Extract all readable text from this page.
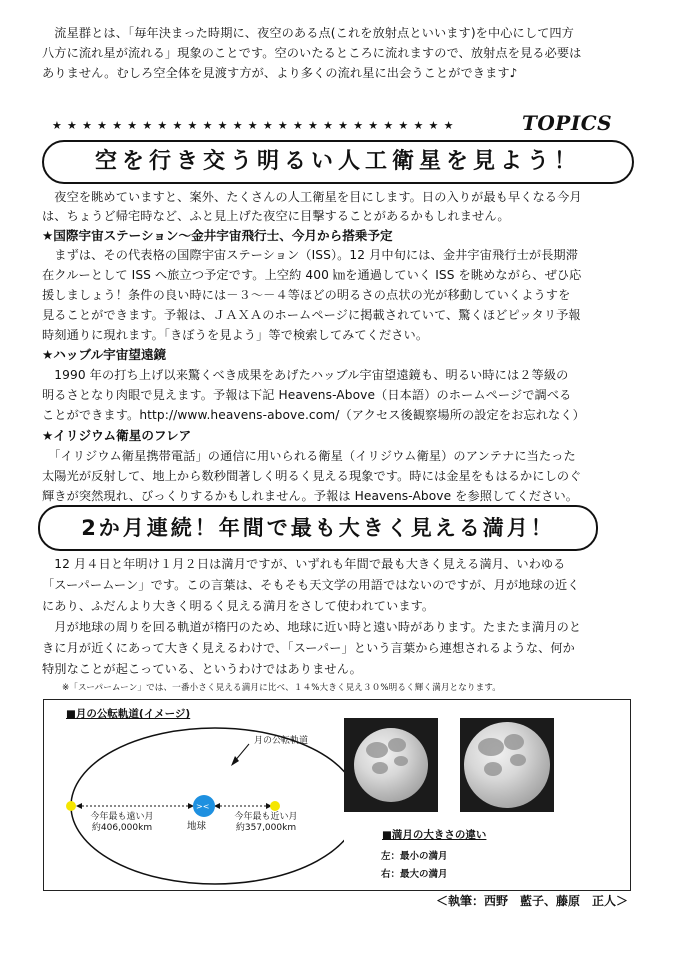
　流星群とは、「毎年決まった時期に、夜空のある点(これを放射点といいます)を中心にして四方
八方に流れ星が流れる」現象のことです。空のいたるところに流れますので、放射点を見る必要は
ありません。むしろ空全体を見渡す方が、より多くの流れ星に出会うことができます♪
★★★★★★★★★★★★★★★★★★★★★★★★★★★	TOPICS
空を行き交う明るい人工衛星を見よう！
　夜空を眺めていますと、案外、たくさんの人工衛星を目にします。日の入りが最も早くなる今月
は、ちょうど帰宅時など、ふと見上げた夜空に目撃することがあるかもしれません。
★国際宇宙ステーション～金井宇宙飛行士、今月から搭乗予定
　まずは、その代表格の国際宇宙ステーション（ISS）。12 月中旬には、金井宇宙飛行士が長期滞
在クルーとして ISS へ旅立つ予定です。上空約 400 ㎞を通過していく ISS を眺めながら、ぜひ応
援しましょう！条件の良い時には－３～－４等ほどの明るさの点状の光が移動していくようすを
見ることができます。予報は、ＪＡＸＡのホームページに掲載されていて、驚くほどピッタリ予報
時刻通りに現れます。「きぼうを見よう」等で検索してみてください。
★ハッブル宇宙望遠鏡
　1990 年の打ち上げ以来驚くべき成果をあげたハッブル宇宙望遠鏡も、明るい時には２等級の
明るさとなり肉眼で見えます。予報は下記 Heavens-Above（日本語）のホームページで調べる
ことができます。http://www.heavens-above.com/（アクセス後観察場所の設定をお忘れなく）
★イリジウム衛星のフレア
　「イリジウム衛星携帯電話」の通信に用いられる衛星（イリジウム衛星）のアンテナに当たった
太陽光が反射して、地上から数秒間著しく明るく見える現象です。時には金星をもはるかにしのぐ
輝きが突然現れ、びっくりするかもしれません。予報は Heavens-Above を参照してください。
2か月連続！年間で最も大きく見える満月！
　12 月４日と年明け１月２日は満月ですが、いずれも年間で最も大きく見える満月、いわゆる
「スーパームーン」です。この言葉は、そもそも天文学の用語ではないのですが、月が地球の近く
にあり、ふだんより大きく明るく見える満月をさして使われています。
　月が地球の周りを回る軌道が楕円のため、地球に近い時と遠い時があります。たまたま満月のと
きに月が近くにあって大きく見えるわけで、「スーパー」という言葉から連想されるような、何か
特別なことが起こっている、というわけではありません。
※「スーパームーン」では、一番小さく見える満月に比べ、１４%大きく見え３０%明るく輝く満月となります。
■月の公転軌道(イメージ)
><
月の公転軌道
地球
今年最も遠い月
約406,000km
今年最も近い月
約357,000km
■満月の大きさの違い
左：最小の満月
右：最大の満月
＜執筆：西野　藍子、藤原　正人＞
